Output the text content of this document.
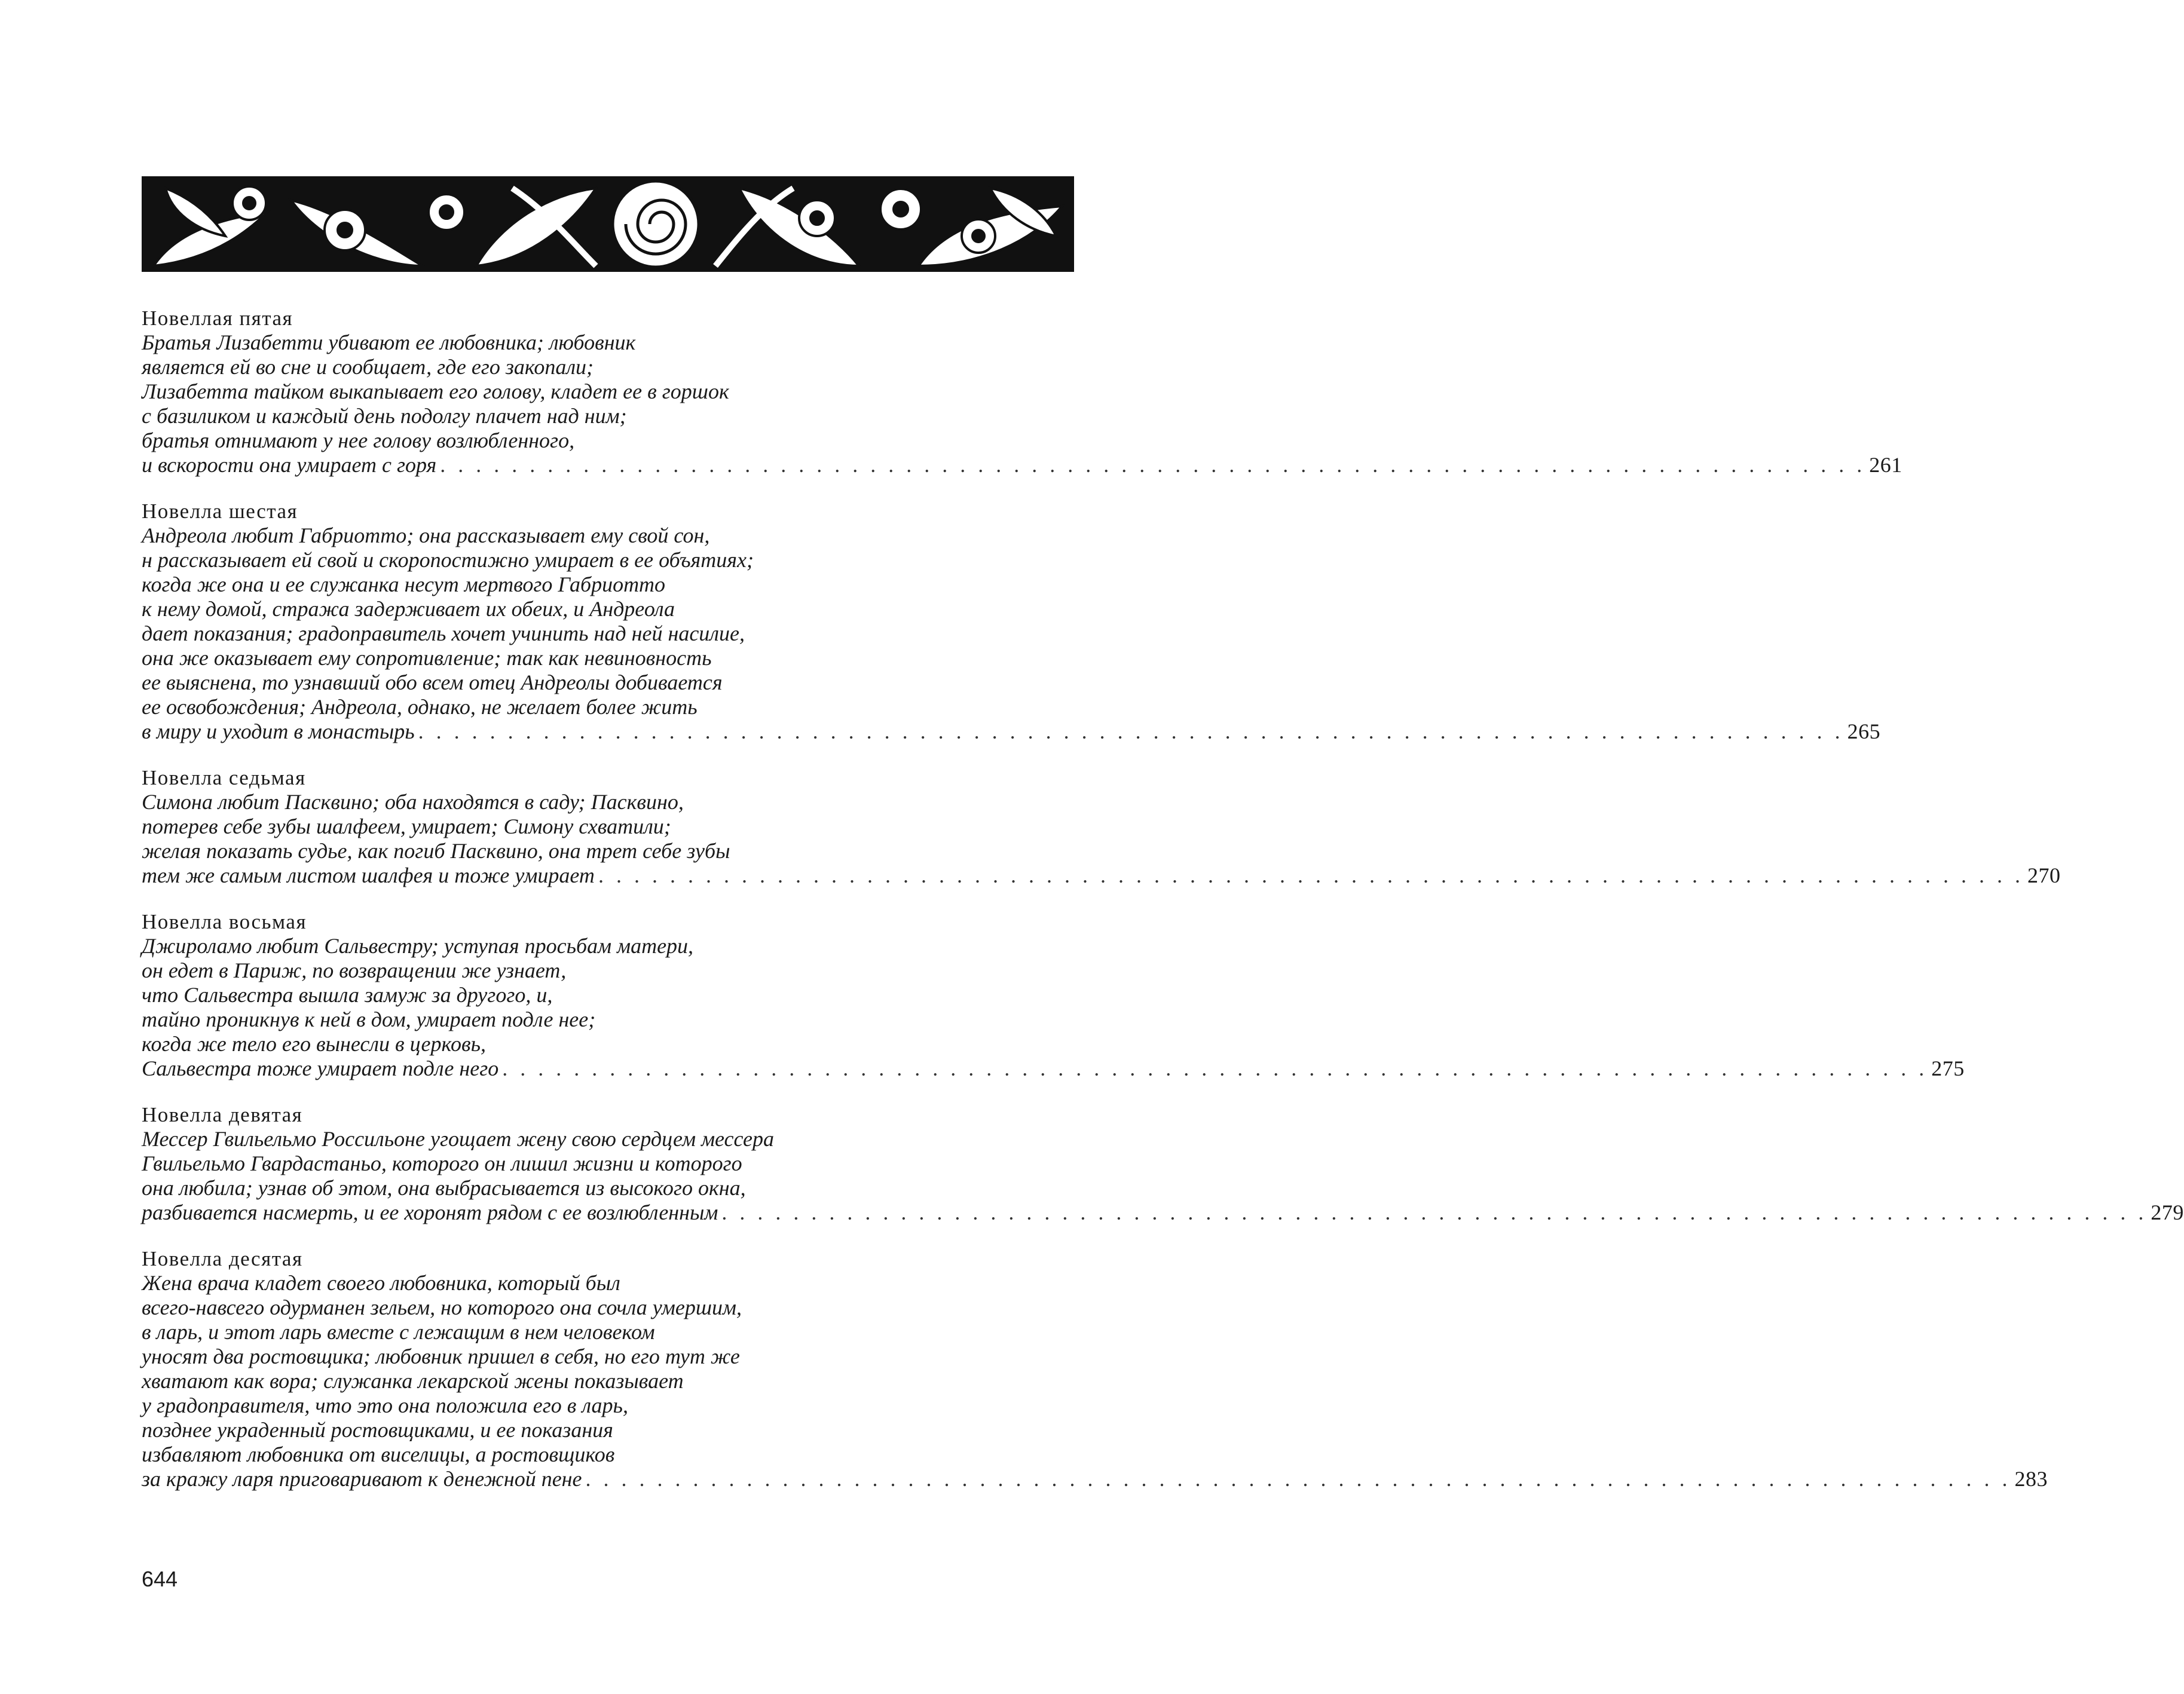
Новеллая пятая

Братья Лизабетти убивают ее любовника; любовник

является ей во сне и сообщает, где его закопали;

Лизабетта тайком выкапывает его голову, кладет ее в горшок

с базиликом и каждый день подолгу плачет над ним;

братья отнимают у нее голову возлюбленного,

и вскорости она умирает с горя . . . . . . . . . . . . . . . . . . . . . . . . . . . . . . . . . . . . . . . . . . . . . . . . . . . . . . . . . . . . . . . . . . . . . . . . . . . . . . . . 261

Новелла шестая

Андреола любит Габриотто; она рассказывает ему свой сон,

н рассказывает ей свой и скоропостижно умирает в ее объятиях;

когда же она и ее служанка несут мертвого Габриотто

к нему домой, стража задерживает их обеих, и Андреола

дает показания; градоправитель хочет учинить над ней насилие,

она же оказывает ему сопротивление; так как невиновность

ее выяснена, то узнавший обо всем отец Андреолы добивается

ее освобождения; Андреола, однако, не желает более жить

в миру и уходит в монастырь . . . . . . . . . . . . . . . . . . . . . . . . . . . . . . . . . . . . . . . . . . . . . . . . . . . . . . . . . . . . . . . . . . . . . . . . . . . . . . . . 265

Новелла седьмая

Симона любит Пасквино; оба находятся в саду; Пасквино,

потерев себе зубы шалфеем, умирает; Симону схватили;

желая показать судье, как погиб Пасквино, она трет себе зубы

тем же самым листом шалфея и тоже умирает . . . . . . . . . . . . . . . . . . . . . . . . . . . . . . . . . . . . . . . . . . . . . . . . . . . . . . . . . . . . . . . . . . . . . . . . . . . . . . . . 270

Новелла восьмая

Джироламо любит Сальвестру; уступая просьбам матери,

он едет в Париж, по возвращении же узнает,

что Сальвестра вышла замуж за другого, и,

тайно проникнув к ней в дом, умирает подле нее;

когда же тело его вынесли в церковь,

Сальвестра тоже умирает подле него . . . . . . . . . . . . . . . . . . . . . . . . . . . . . . . . . . . . . . . . . . . . . . . . . . . . . . . . . . . . . . . . . . . . . . . . . . . . . . . . 275

Новелла девятая

Мессер Гвильельмо Россильоне угощает жену свою сердцем мессера

Гвильельмо Гвардастаньо, которого он лишил жизни и которого

она любила; узнав об этом, она выбрасывается из высокого окна,

разбивается насмерть, и ее хоронят рядом с ее возлюбленным . . . . . . . . . . . . . . . . . . . . . . . . . . . . . . . . . . . . . . . . . . . . . . . . . . . . . . . . . . . . . . . . . . . . . . . . . . . . . . . . 279

Новелла десятая

Жена врача кладет своего любовника, который был

всего-навсего одурманен зельем, но которого она сочла умершим,

в ларь, и этот ларь вместе с лежащим в нем человеком

уносят два ростовщика; любовник пришел в себя, но его тут же

хватают как вора; служанка лекарской жены показывает

у градоправителя, что это она положила его в ларь,

позднее украденный ростовщиками, и ее показания

избавляют любовника от виселицы, а ростовщиков

за кражу ларя приговаривают к денежной пене . . . . . . . . . . . . . . . . . . . . . . . . . . . . . . . . . . . . . . . . . . . . . . . . . . . . . . . . . . . . . . . . . . . . . . . . . . . . . . . . 283
644
